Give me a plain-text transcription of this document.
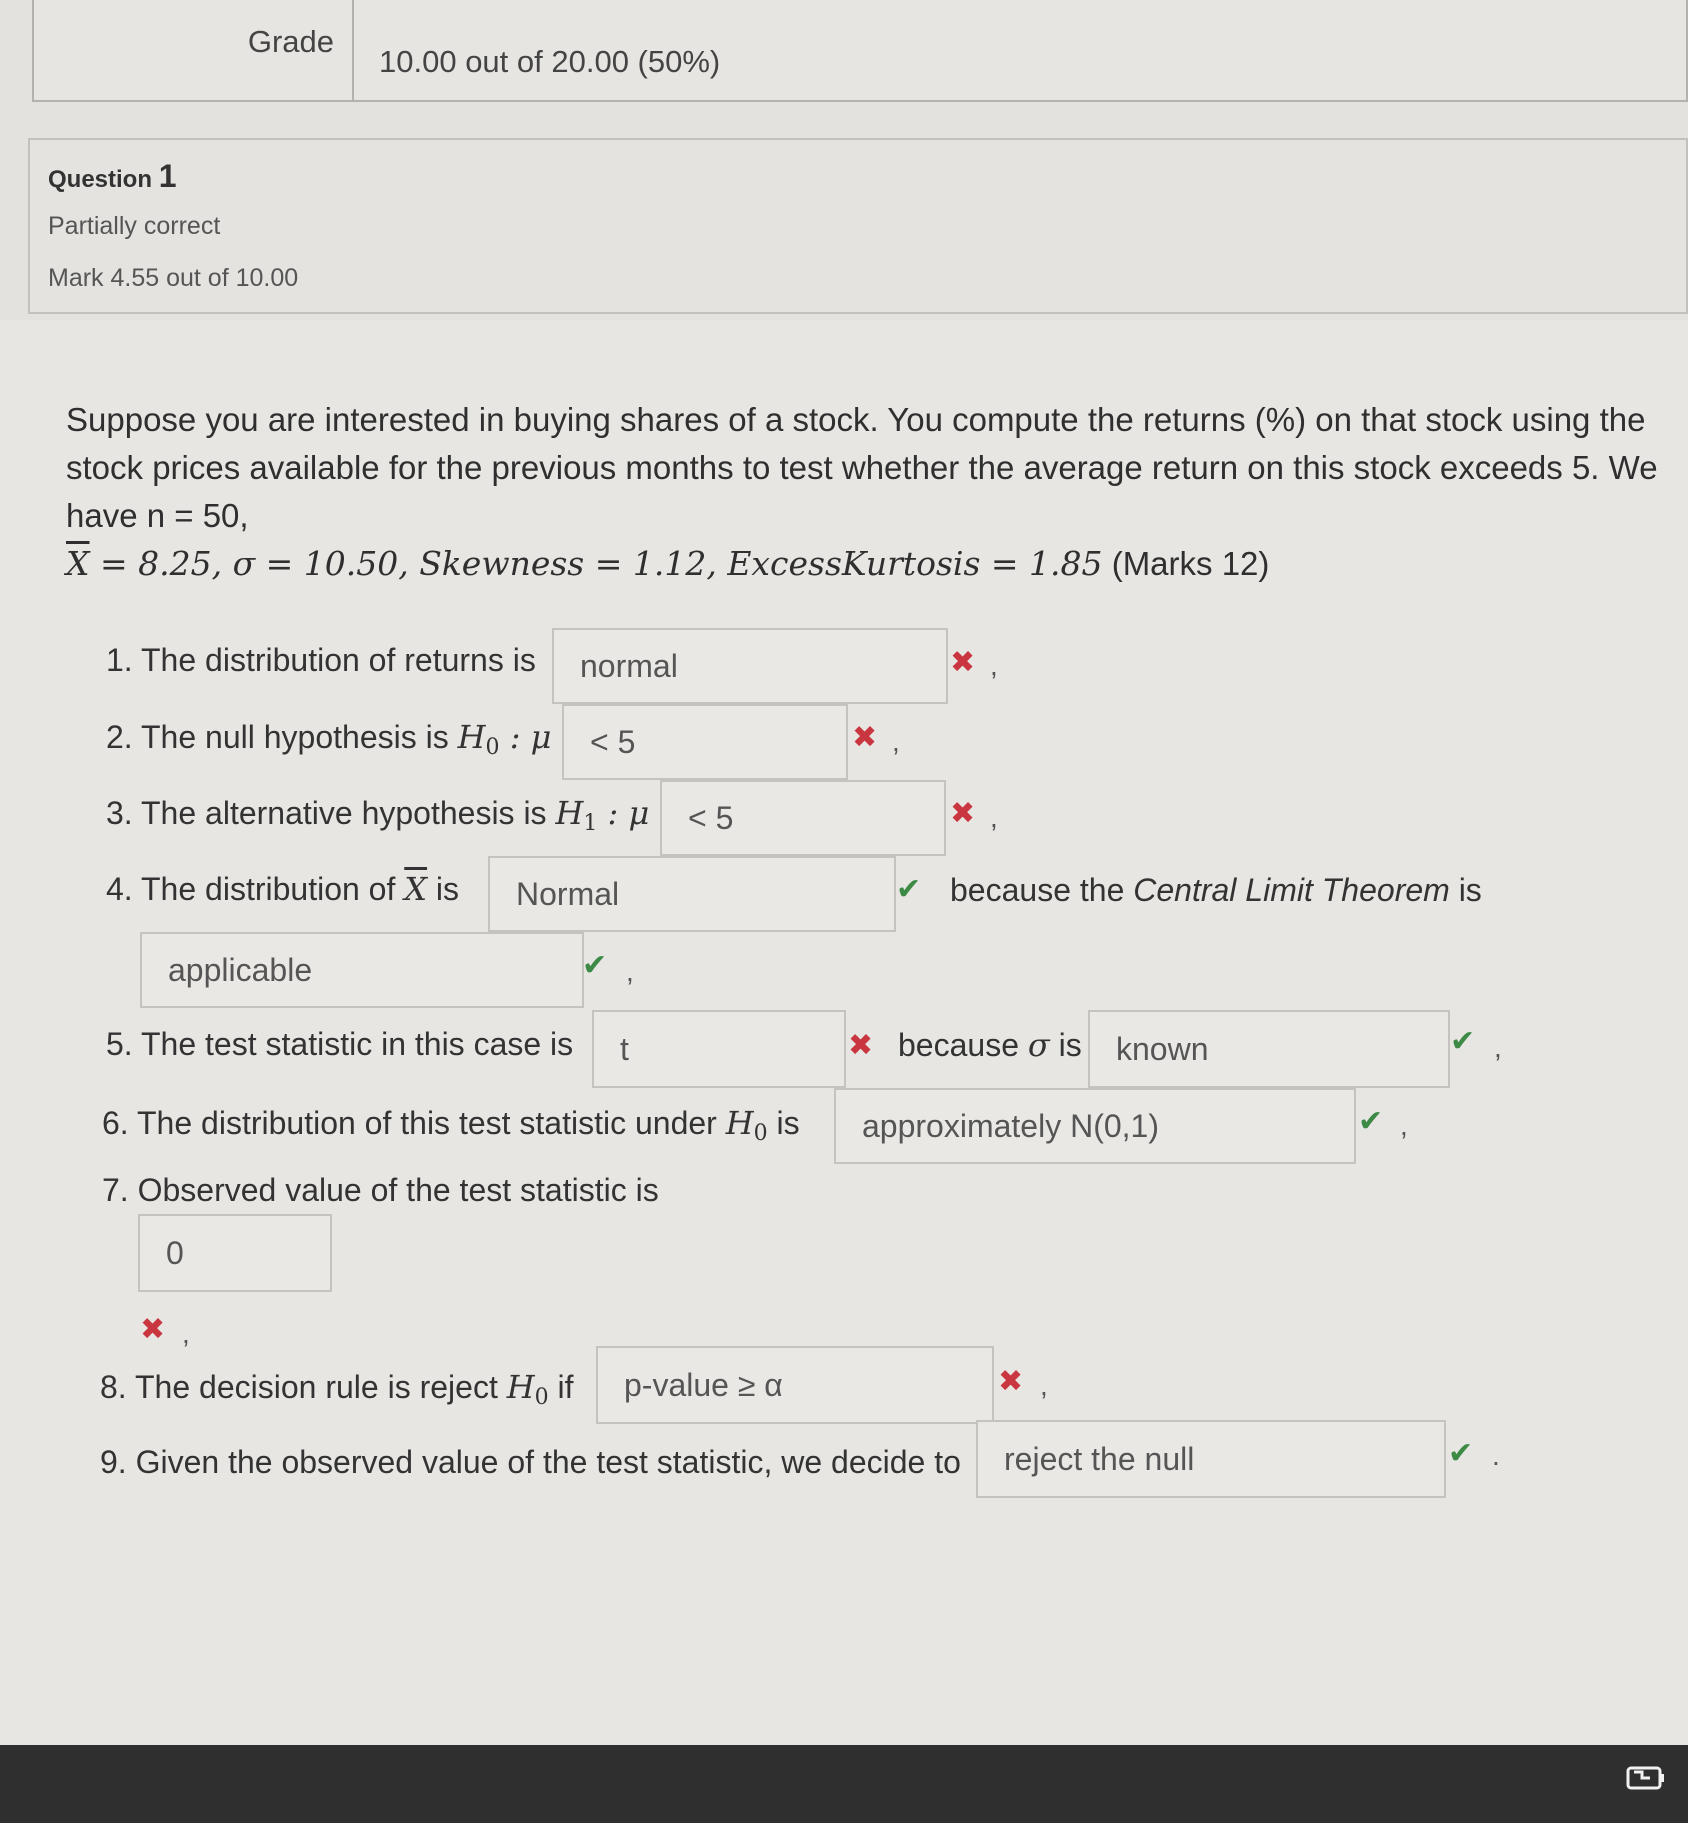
Grade
10.00 out of 20.00 (50%)
Question 1
Partially correct
Mark 4.55 out of 10.00
Suppose you are interested in buying shares of a stock. You compute the returns (%) on that stock using the stock prices available for the previous months to test whether the average return on this stock exceeds 5. We have n = 50,
$\overline{X} = 8.25$, σ = 10.50, Skewness = 1.12, ExcessKurtosis = 1.85 (Marks 12)
1. The distribution of returns is	normal	✖ ,
2. The null hypothesis is $H_0$ : μ	< 5	✖ ,
3. The alternative hypothesis is $H_1$ : μ	< 5	✖ ,
4. The distribution of $\overline{X}$ is	Normal	✔ because the Central Limit Theorem is
applicable	✔ ,
5. The test statistic in this case is	t	✖ because σ is	known	✔ ,
6. The distribution of this test statistic under $H_0$ is	approximately N(0,1)	✔ ,
7. Observed value of the test statistic is
0
✖ ,
8. The decision rule is reject $H_0$ if	p-value ≥ α	✖ ,
9. Given the observed value of the test statistic, we decide to	reject the null	✔ .
